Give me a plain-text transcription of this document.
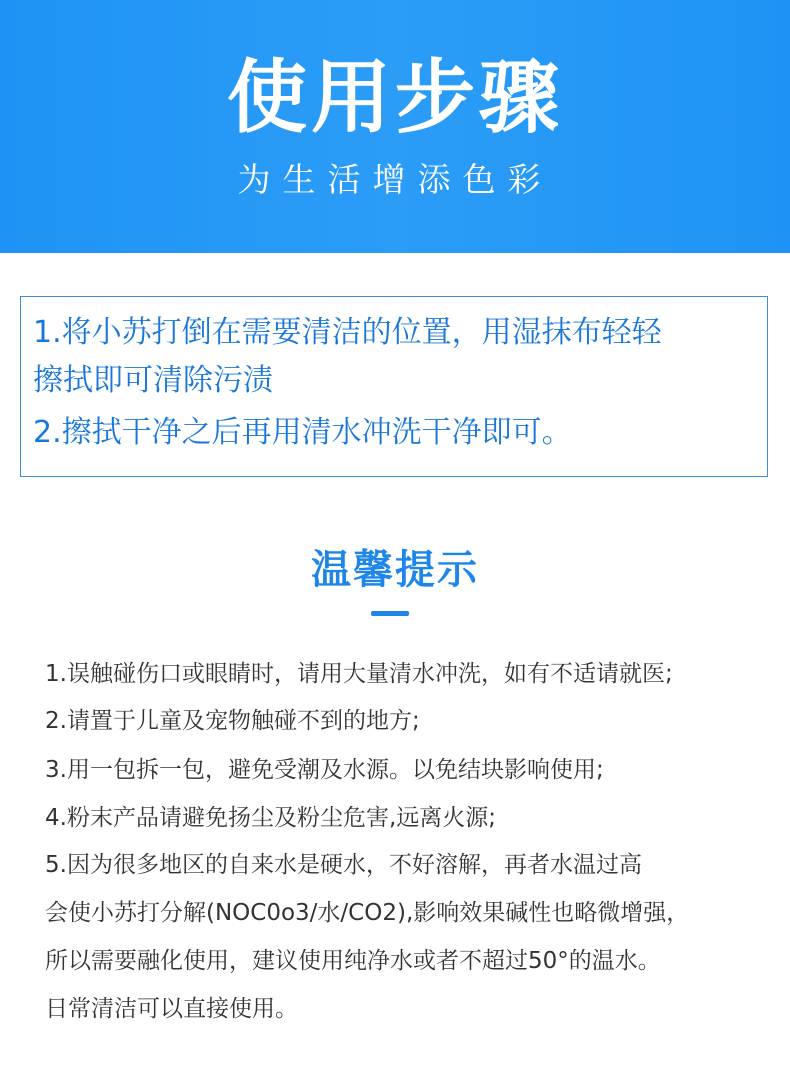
使用步骤
为生活增添色彩
1.将小苏打倒在需要清洁的位置，用湿抹布轻轻
擦拭即可清除污渍
2.擦拭干净之后再用清水冲洗干净即可。
温馨提示
1.误触碰伤口或眼睛时，请用大量清水冲洗，如有不适请就医;
2.请置于儿童及宠物触碰不到的地方;
3.用一包拆一包，避免受潮及水源。以免结块影响使用;
4.粉末产品请避免扬尘及粉尘危害,远离火源;
5.因为很多地区的自来水是硬水，不好溶解，再者水温过高
会使小苏打分解(NOC0o3/水/CO2),影响效果碱性也略微增强，
所以需要融化使用，建议使用纯净水或者不超过50°的温水。
日常清洁可以直接使用。
